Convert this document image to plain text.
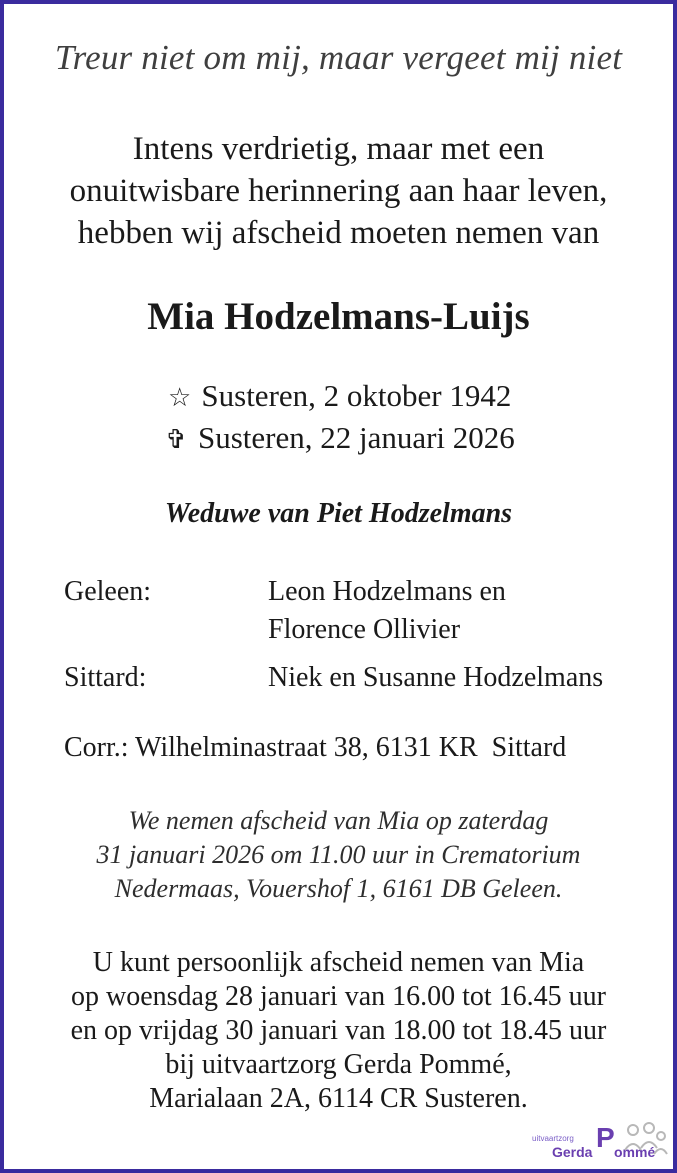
Treur niet om mij, maar vergeet mij niet
Intens verdrietig, maar met een
onuitwisbare herinnering aan haar leven,
hebben wij afscheid moeten nemen van
Mia Hodzelmans-Luijs
☆ Susteren, 2 oktober 1942
✞ Susteren, 22 januari 2026
Weduwe van Piet Hodzelmans
Geleen:	Leon Hodzelmans en
Florence Ollivier
Sittard:	Niek en Susanne Hodzelmans
Corr.: Wilhelminastraat 38, 6131 KR  Sittard
We nemen afscheid van Mia op zaterdag
31 januari 2026 om 11.00 uur in Crematorium
Nedermaas, Vouershof 1, 6161 DB Geleen.
U kunt persoonlijk afscheid nemen van Mia
op woensdag 28 januari van 16.00 tot 16.45 uur
en op vrijdag 30 januari van 18.00 tot 18.45 uur
bij uitvaartzorg Gerda Pommé,
Marialaan 2A, 6114 CR Susteren.
uitvaartzorg
Gerda P ommé
